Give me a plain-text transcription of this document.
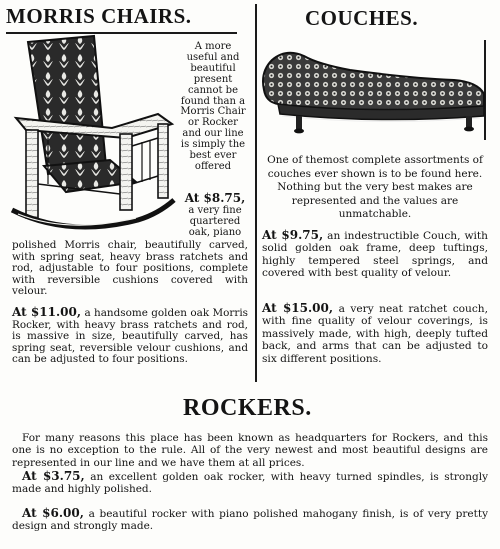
MORRIS CHAIRS.	COUCHES.
A more useful and beautiful present cannot be found than a Morris Chair or Rocker and our line is simply the best ever offered
At $8.75, a very fine quartered oak, piano
polished Morris chair, beautifully carved, with spring seat, heavy brass ratchets and rod, adjustable to four positions, complete with reversible cushions covered with velour.
At $11.00, a handsome golden oak Morris Rocker, with heavy brass ratchets and rod, is massive in size, beautifully carved, has spring seat, reversible velour cushions, and can be adjusted to four positions.
One of themost complete assortments of couches ever shown is to be found here. Nothing but the very best makes are represented and the values are unmatchable.
At $9.75, an indestructible Couch, with solid golden oak frame, deep tuftings, highly tempered steel springs, and covered with best quality of velour.
At $15.00, a very neat ratchet couch, with fine quality of velour coverings, is massively made, with high, deeply tufted back, and arms that can be adjusted to six different positions.
ROCKERS.
For many reasons this place has been known as headquarters for Rockers, and this one is no exception to the rule. All of the very newest and most beautiful designs are represented in our line and we have them at all prices.
At $3.75, an excellent golden oak rocker, with heavy turned spindles, is strongly made and highly polished.
At $6.00, a beautiful rocker with piano polished mahogany finish, is of very pretty design and strongly made.
